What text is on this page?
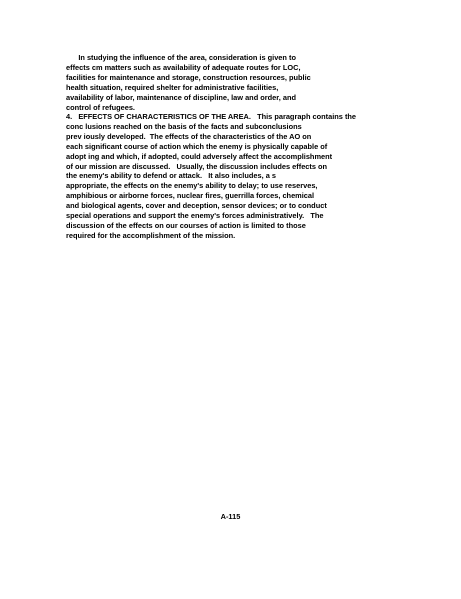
In studying the influence of the area, consideration is given to
effects cm matters such as availability of adequate routes for LOC,
facilities for maintenance and storage, construction resources, public
health situation, required shelter for administrative facilities,
availability of labor, maintenance of discipline, law and order, and
control of refugees.
4.   EFFECTS OF CHARACTERISTICS OF THE AREA.   This paragraph contains the
conc lusions reached on the basis of the facts and subconclusions
prev iously developed.  The effects of the characteristics of the AO on
each significant course of action which the enemy is physically capable of
adopt ing and which, if adopted, could adversely affect the accomplishment
of our mission are discussed.   Usually, the discussion includes effects on
the enemy's ability to defend or attack.   It also includes, a s
appropriate, the effects on the enemy's ability to delay; to use reserves,
amphibious or airborne forces, nuclear fires, guerrilla forces, chemical
and biological agents, cover and deception, sensor devices; or to conduct
special operations and support the enemy's forces administratively.   The
discussion of the effects on our courses of action is limited to those
required for the accomplishment of the mission.
A-115
